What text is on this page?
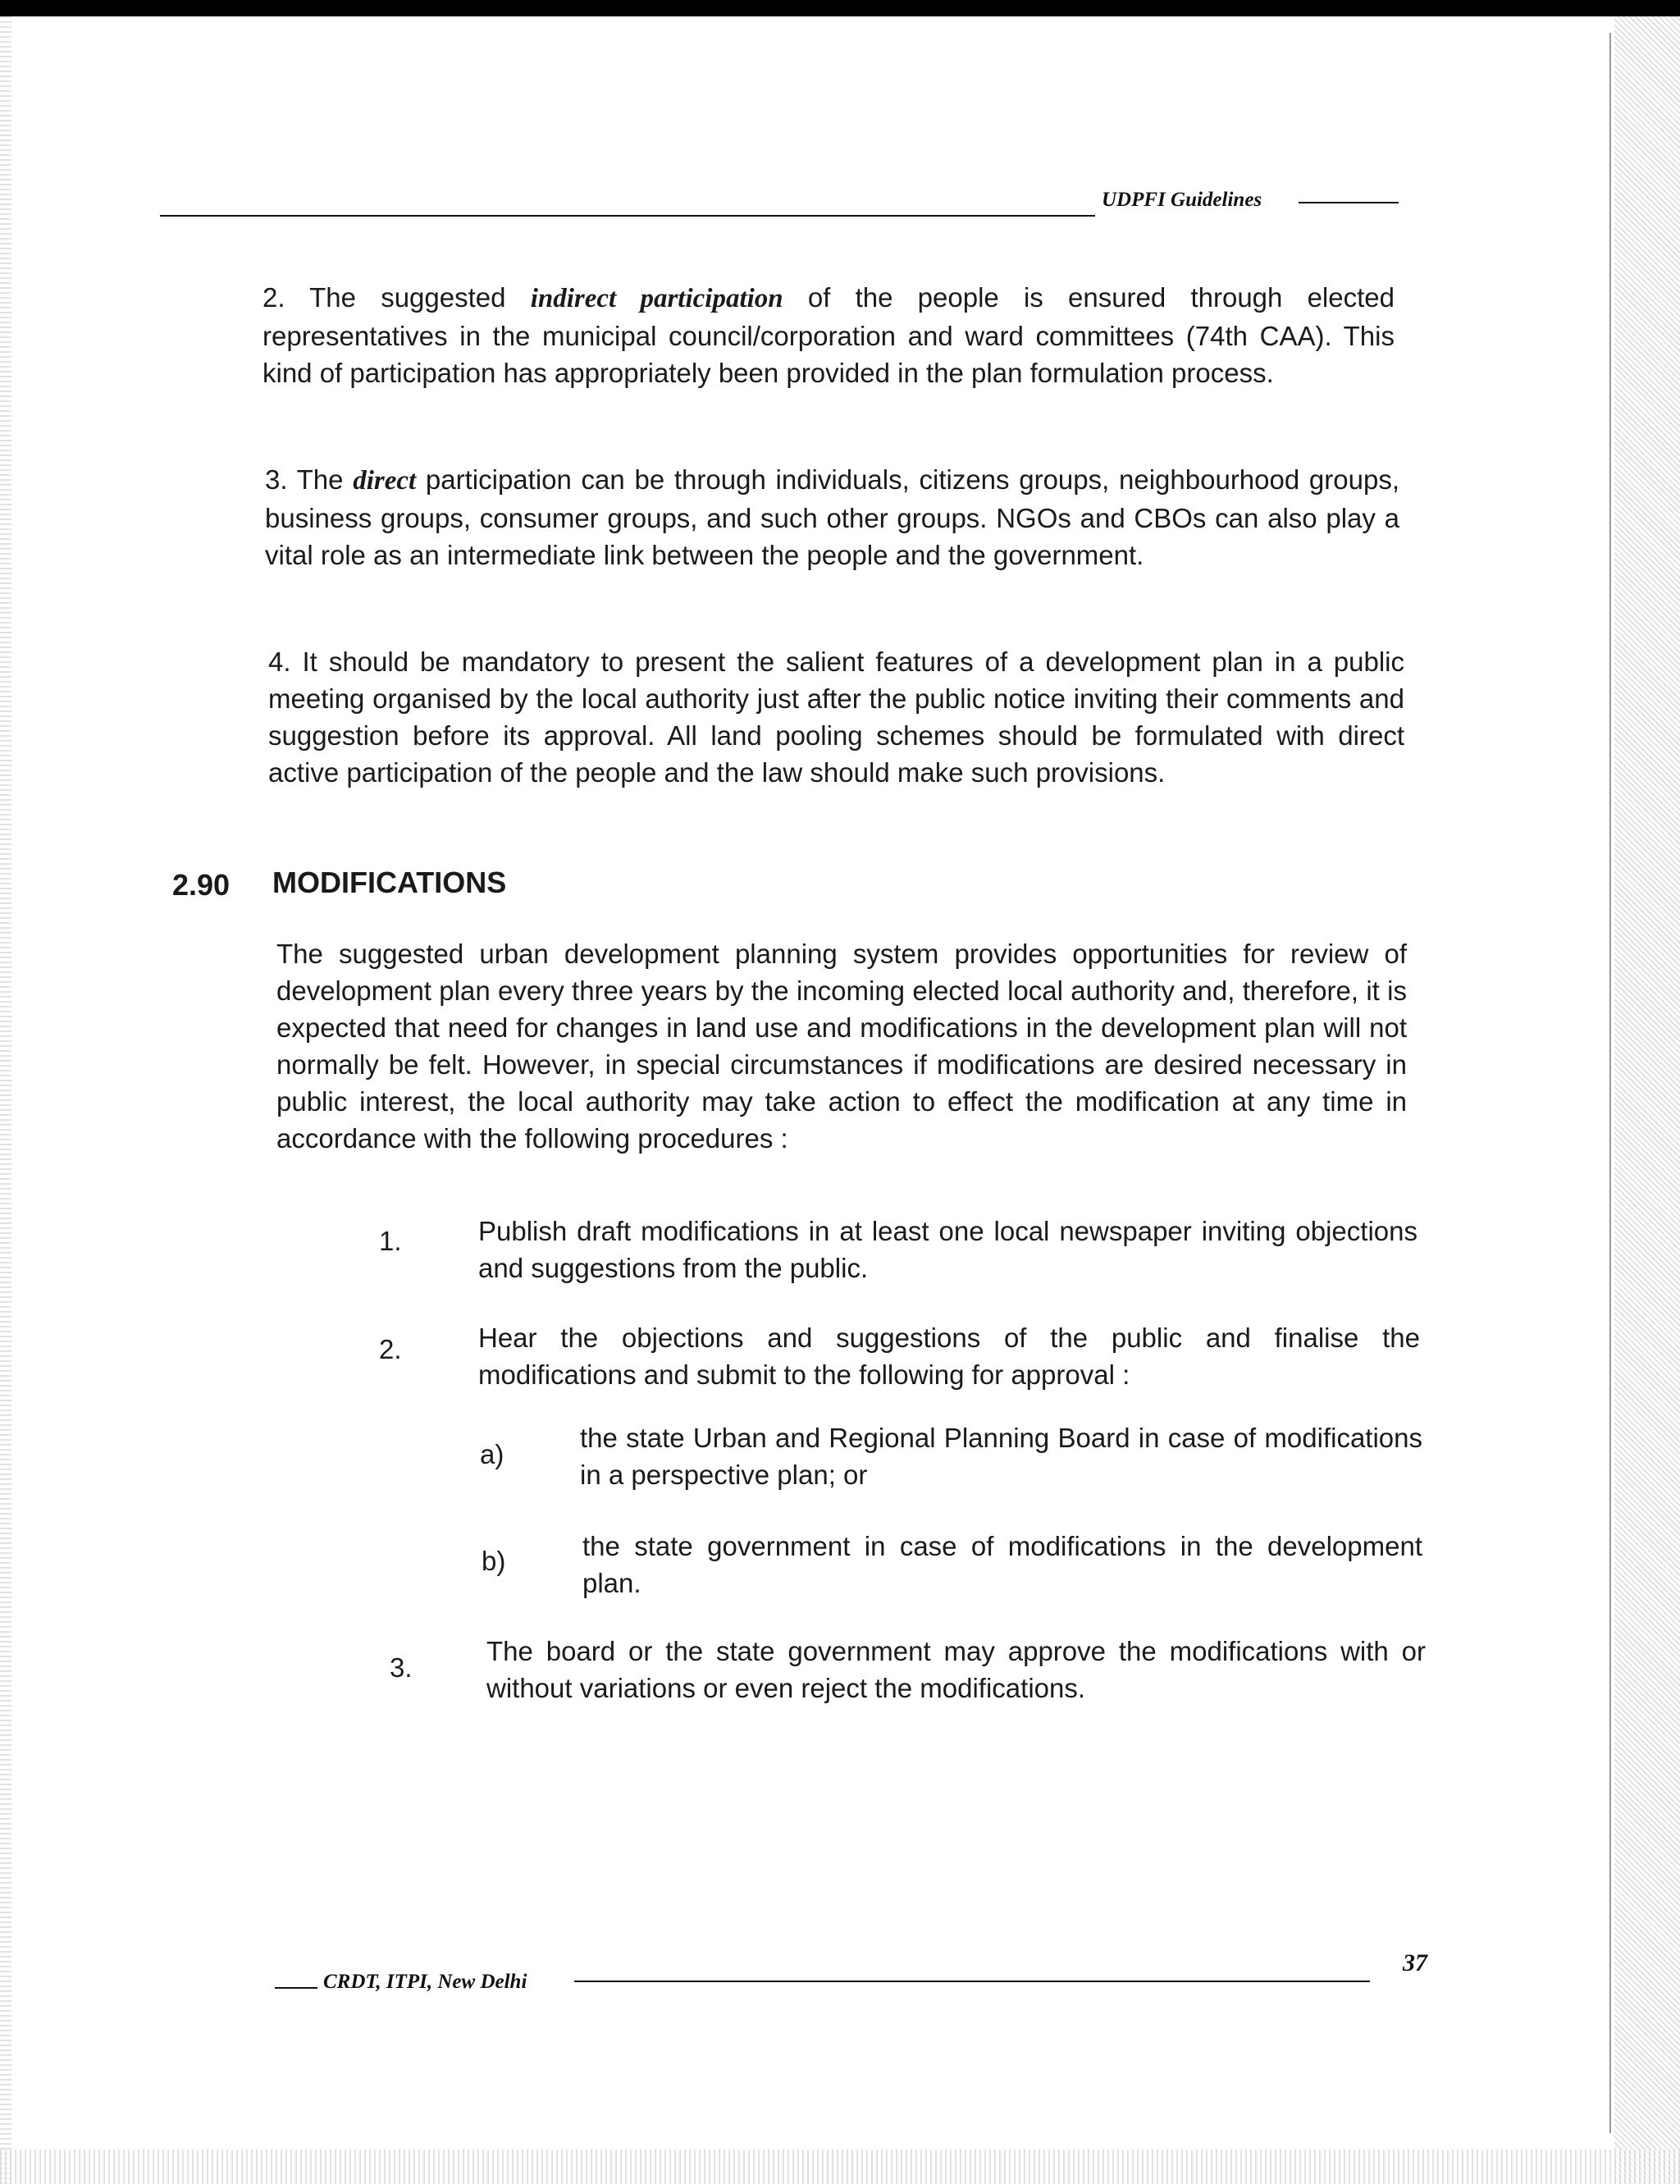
UDPFI Guidelines

2. The suggested indirect participation of the people is ensured through elected representatives in the municipal council/corporation and ward committees (74th CAA). This kind of participation has appropriately been provided in the plan formulation process.

3. The direct participation can be through individuals, citizens groups, neighbourhood groups, business groups, consumer groups, and such other groups. NGOs and CBOs can also play a vital role as an intermediate link between the people and the government.

4. It should be mandatory to present the salient features of a development plan in a public meeting organised by the local authority just after the public notice inviting their comments and suggestion before its approval. All land pooling schemes should be formulated with direct active participation of the people and the law should make such provisions.

2.90 MODIFICATIONS

The suggested urban development planning system provides opportunities for review of development plan every three years by the incoming elected local authority and, therefore, it is expected that need for changes in land use and modifications in the development plan will not normally be felt. However, in special circumstances if modifications are desired necessary in public interest, the local authority may take action to effect the modification at any time in accordance with the following procedures :

1.	Publish draft modifications in at least one local newspaper inviting objections and suggestions from the public.

2.	Hear the objections and suggestions of the public and finalise the modifications and submit to the following for approval :

a)

the state Urban and Regional Planning Board in case of modifications in a perspective plan; or

b)	the state government in case of modifications in the development plan.

3.

The board or the state government may approve the modifications with or without variations or even reject the modifications.

CRDT, ITPI, New Delhi
37
